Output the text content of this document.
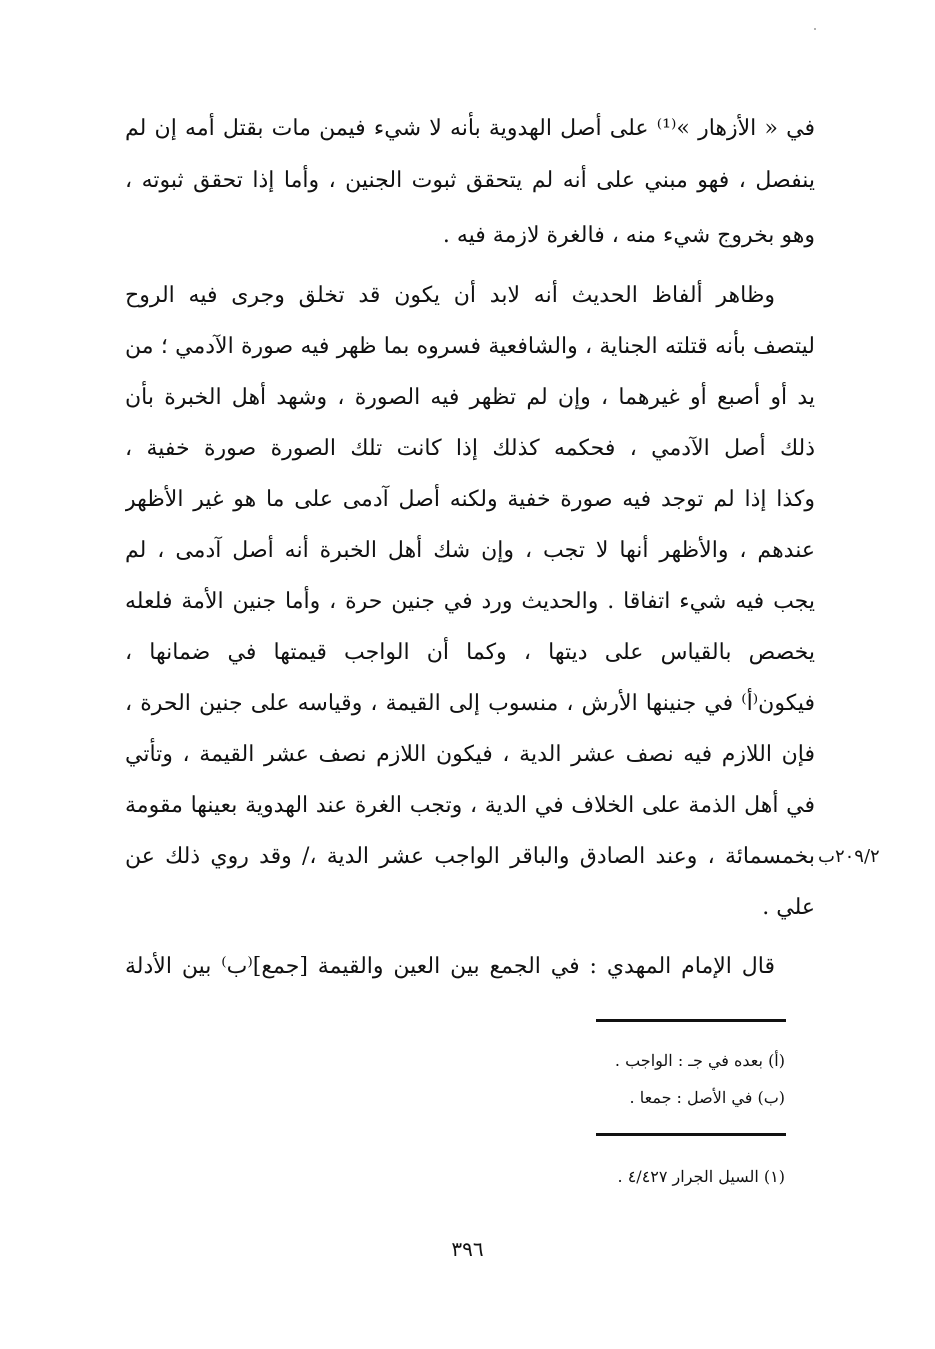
في « الأزهار »⁽¹⁾ على أصل الهدوية بأنه لا شيء فيمن مات بقتل أمه إن لم
ينفصل ، فهو مبني على أنه لم يتحقق ثبوت الجنين ، وأما إذا تحقق ثبوته ،
وهو بخروج شيء منه ، فالغرة لازمة فيه .
وظاهر ألفاظ الحديث أنه لابد أن يكون قد تخلق وجرى فيه الروح
ليتصف بأنه قتلته الجناية ، والشافعية فسروه بما ظهر فيه صورة الآدمي ؛ من
يد أو أصبع أو غيرهما ، وإن لم تظهر فيه الصورة ، وشهد أهل الخبرة بأن
ذلك أصل الآدمي ، فحكمه كذلك إذا كانت تلك الصورة صورة خفية ،
وكذا إذا لم توجد فيه صورة خفية ولكنه أصل آدمى على ما هو غير الأظهر
عندهم ، والأظهر أنها لا تجب ، وإن شك أهل الخبرة أنه أصل آدمى ، لم
يجب فيه شيء اتفاقا . والحديث ورد في جنين حرة ، وأما جنين الأمة فلعله
يخصص بالقياس على ديتها ، وكما أن الواجب قيمتها في ضمانها ،
فيكون⁽أ⁾ في جنينها الأرش ، منسوب إلى القيمة ، وقياسه على جنين الحرة ،
فإن اللازم فيه نصف عشر الدية ، فيكون اللازم نصف عشر القيمة ، وتأتي
في أهل الذمة على الخلاف في الدية ، وتجب الغرة عند الهدوية بعينها مقومة
بخمسمائة ، وعند الصادق والباقر الواجب عشر الدية ،/ وقد روي ذلك عن
علي .
قال الإمام المهدي : في الجمع بين العين والقيمة [جمع]⁽ب⁾ بين الأدلة
٢٠٩/٢ب
(أ) بعده في جـ : الواجب .
(ب) في الأصل : جمعا .
(١) السيل الجرار ٤/٤٢٧ .
٣٩٦
